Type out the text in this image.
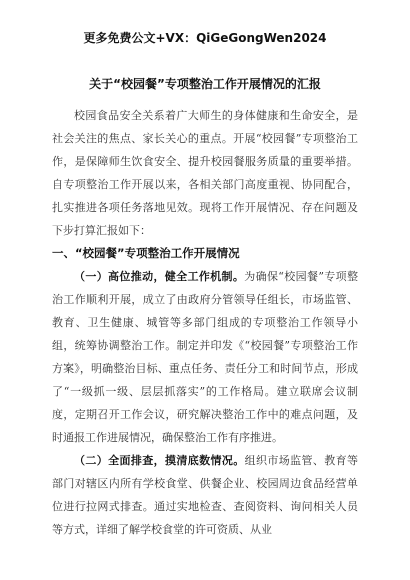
更多免费公文+VX：QiGeGongWen2024
关于“校园餐”专项整治工作开展情况的汇报

校园食品安全关系着广大师生的身体健康和生命安全，是社会关注的焦点、家长关心的重点。开展“校园餐”专项整治工作，是保障师生饮食安全、提升校园餐服务质量的重要举措。自专项整治工作开展以来，各相关部门高度重视、协同配合，扎实推进各项任务落地见效。现将工作开展情况、存在问题及下步打算汇报如下：

一、“校园餐”专项整治工作开展情况

（一）高位推动，健全工作机制。为确保“校园餐”专项整治工作顺利开展，成立了由政府分管领导任组长，市场监管、教育、卫生健康、城管等多部门组成的专项整治工作领导小组，统筹协调整治工作。制定并印发《“校园餐”专项整治工作方案》，明确整治目标、重点任务、责任分工和时间节点，形成了“一级抓一级、层层抓落实”的工作格局。建立联席会议制度，定期召开工作会议，研究解决整治工作中的难点问题，及时通报工作进展情况，确保整治工作有序推进。

（二）全面排查，摸清底数情况。组织市场监管、教育等部门对辖区内所有学校食堂、供餐企业、校园周边食品经营单位进行拉网式排查。通过实地检查、查阅资料、询问相关人员等方式，详细了解学校食堂的许可资质、从业
